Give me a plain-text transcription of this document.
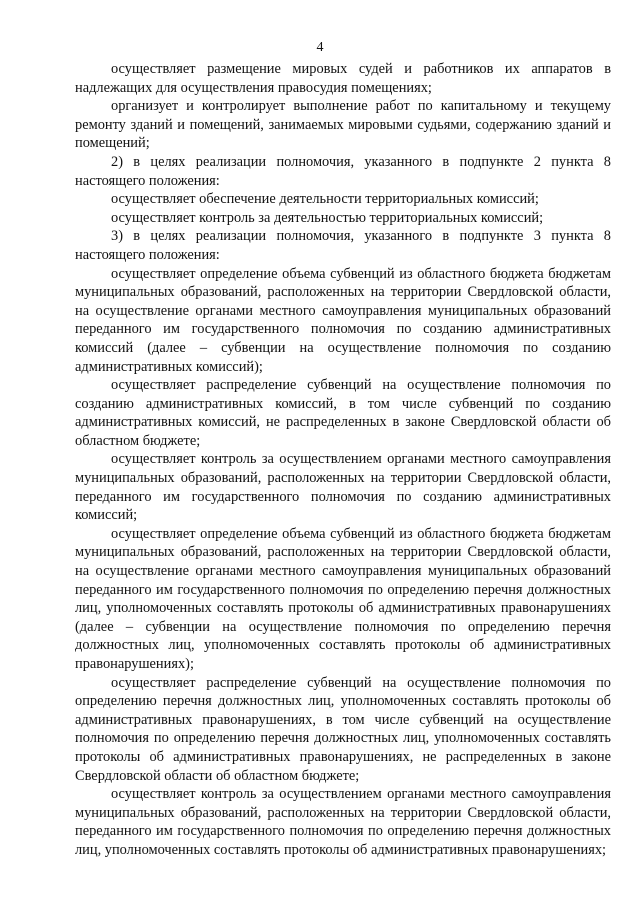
4

осуществляет размещение мировых судей и работников их аппаратов в надлежащих для осуществления правосудия помещениях;

организует и контролирует выполнение работ по капитальному и текущему ремонту зданий и помещений, занимаемых мировыми судьями, содержанию зданий и помещений;

2) в целях реализации полномочия, указанного в подпункте 2 пункта 8 настоящего положения:

осуществляет обеспечение деятельности территориальных комиссий;

осуществляет контроль за деятельностью территориальных комиссий;

3) в целях реализации полномочия, указанного в подпункте 3 пункта 8 настоящего положения:

осуществляет определение объема субвенций из областного бюджета бюджетам муниципальных образований, расположенных на территории Свердловской области, на осуществление органами местного самоуправления муниципальных образований переданного им государственного полномочия по созданию административных комиссий (далее – субвенции на осуществление полномочия по созданию административных комиссий);

осуществляет распределение субвенций на осуществление полномочия по созданию административных комиссий, в том числе субвенций по созданию административных комиссий, не распределенных в законе Свердловской области об областном бюджете;

осуществляет контроль за осуществлением органами местного самоуправления муниципальных образований, расположенных на территории Свердловской области, переданного им государственного полномочия по созданию административных комиссий;

осуществляет определение объема субвенций из областного бюджета бюджетам муниципальных образований, расположенных на территории Свердловской области, на осуществление органами местного самоуправления муниципальных образований переданного им государственного полномочия по определению перечня должностных лиц, уполномоченных составлять протоколы об административных правонарушениях (далее – субвенции на осуществление полномочия по определению перечня должностных лиц, уполномоченных составлять протоколы об административных правонарушениях);

осуществляет распределение субвенций на осуществление полномочия по определению перечня должностных лиц, уполномоченных составлять протоколы об административных правонарушениях, в том числе субвенций на осуществление полномочия по определению перечня должностных лиц, уполномоченных составлять протоколы об административных правонарушениях, не распределенных в законе Свердловской области об областном бюджете;

осуществляет контроль за осуществлением органами местного самоуправления муниципальных образований, расположенных на территории Свердловской области, переданного им государственного полномочия по определению перечня должностных лиц, уполномоченных составлять протоколы об административных правонарушениях;
